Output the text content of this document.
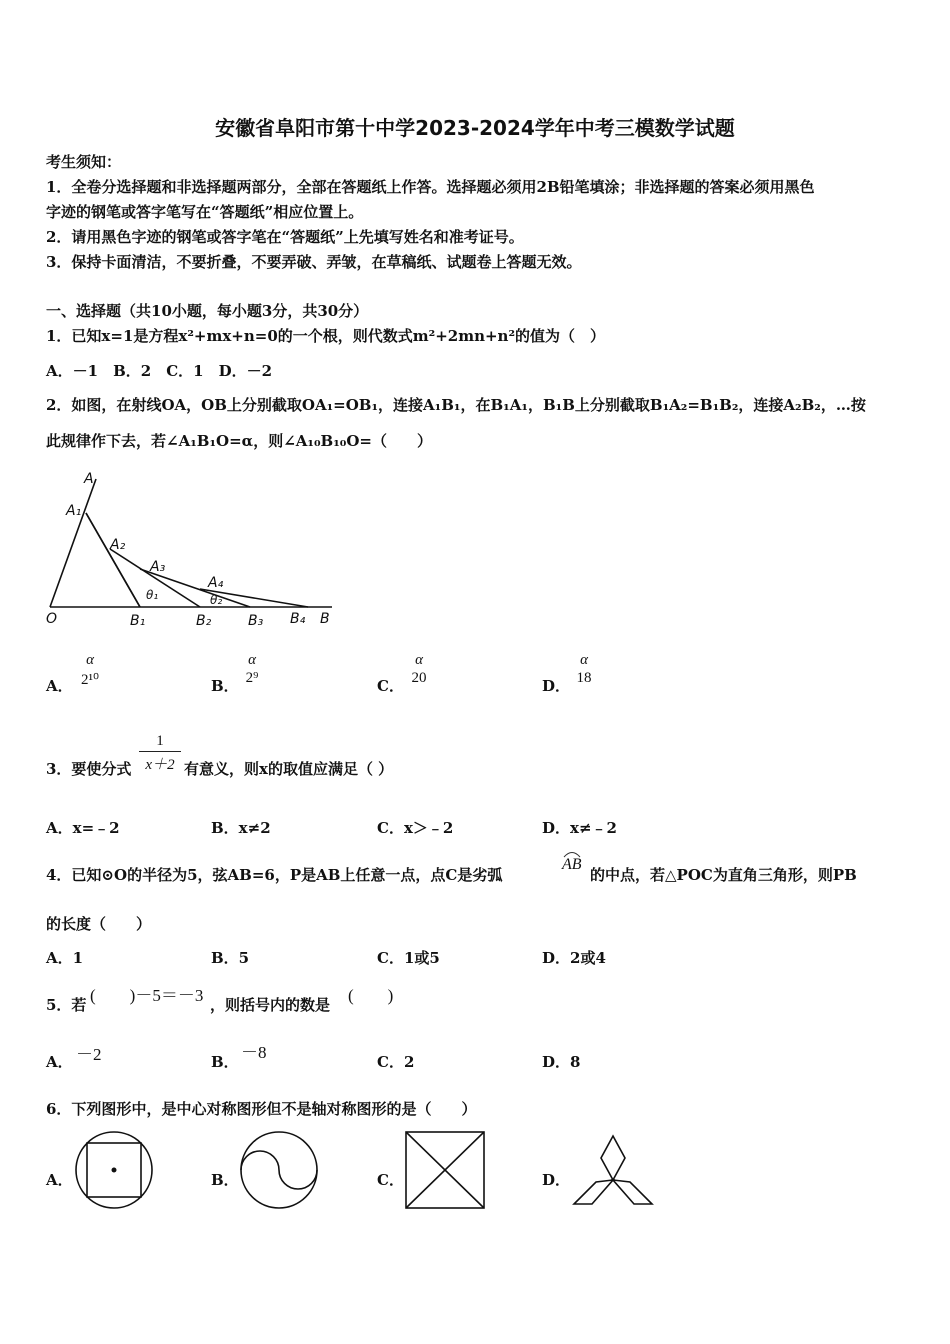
安徽省阜阳市第十中学2023-2024学年中考三模数学试题
考生须知：
1．全卷分选择题和非选择题两部分，全部在答题纸上作答。选择题必须用2B铅笔填涂；非选择题的答案必须用黑色
字迹的钢笔或答字笔写在“答题纸”相应位置上。
2．请用黑色字迹的钢笔或答字笔在“答题纸”上先填写姓名和准考证号。
3．保持卡面清洁，不要折叠，不要弄破、弄皱，在草稿纸、试题卷上答题无效。
一、选择题（共10小题，每小题3分，共30分）
1．已知x=1是方程x²+mx+n=0的一个根，则代数式m²+2mn+n²的值为（　）
A．－1　B．2　C．1　D．－2
2．如图，在射线OA，OB上分别截取OA₁=OB₁，连接A₁B₁，在B₁A₁，B₁B上分别截取B₁A₂=B₁B₂，连接A₂B₂，…按
此规律作下去，若∠A₁B₁O=α，则∠A₁₀B₁₀O=（　　）
A
A₁
A₂
A₃
A₄
θ₁	θ₂
O	B₁	B₂	B₃ B₄ B
A．
α
2¹⁰	B．
α
2⁹	C．
α
20	D．
α
18
3．要使分式
1
x＋2 有意义，则x的取值应满足（ ）
A．x=﹣2	B．x≠2	C．x＞﹣2	D．x≠﹣2
4．已知⊙O的半径为5，弦AB=6，P是AB上任意一点，点C是劣弧
AB
的中点，若△POC为直角三角形，则PB
的长度（　　）
A．1	B．5	C．1或5	D．2或4
5．若 (　　)－5＝－3 ，则括号内的数是 (　　)
A． －2	B． －8	C．2	D．8
6．下列图形中，是中心对称图形但不是轴对称图形的是（　　）
A．	B．	C．	D．
